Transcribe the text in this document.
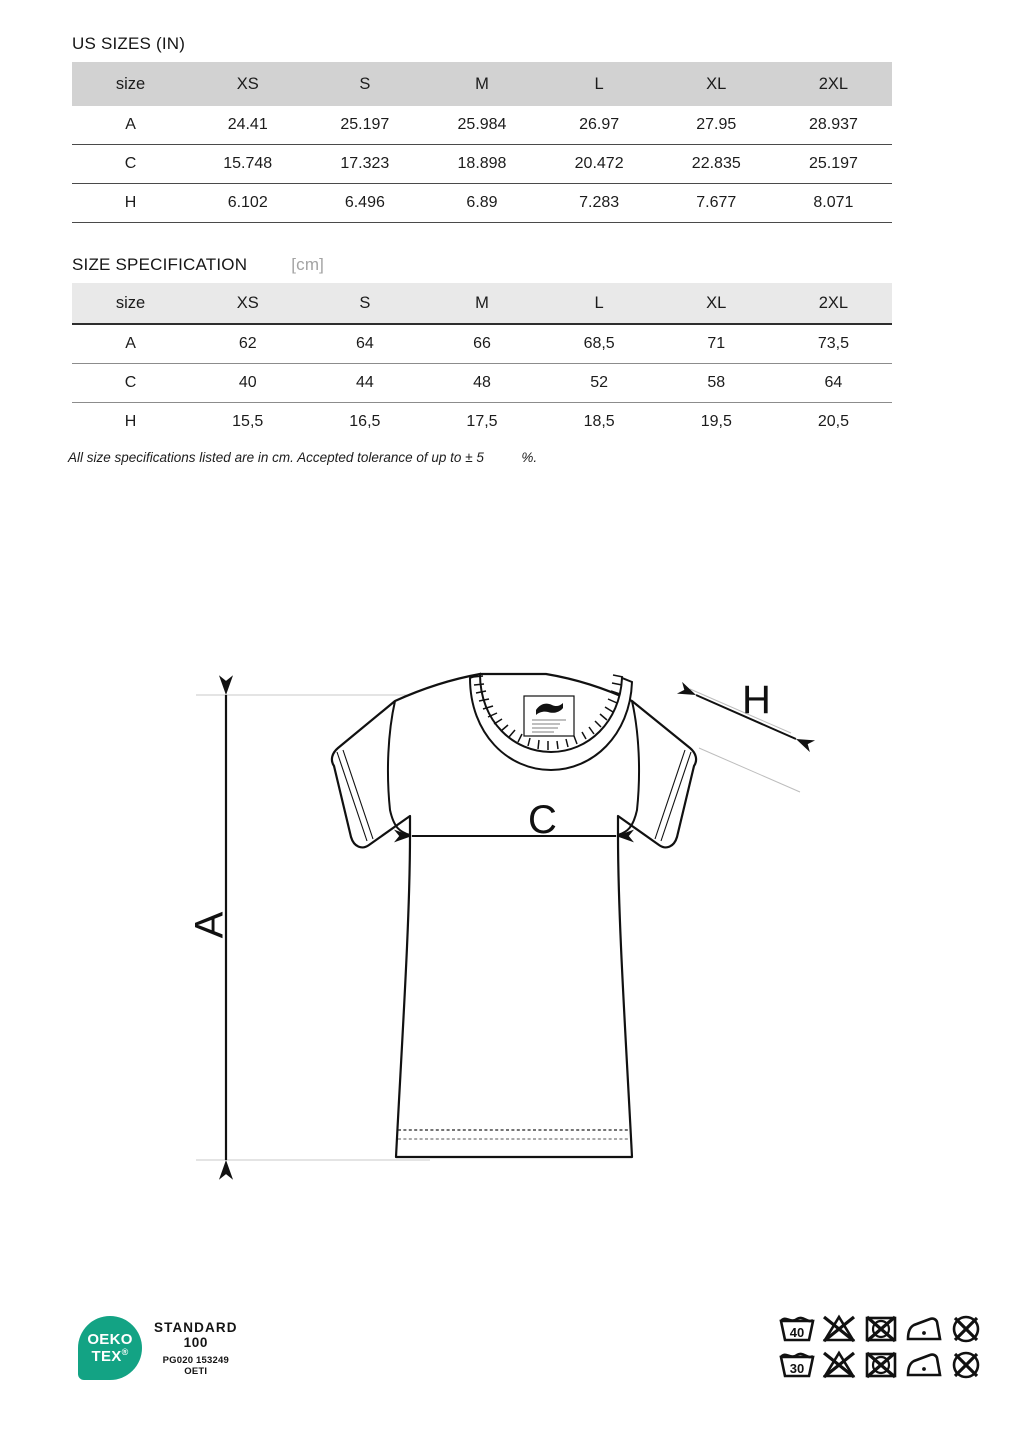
US SIZES (IN)
size	XS	S	M	L	XL	2XL
A	24.41	25.197	25.984	26.97	27.95	28.937
C	15.748	17.323	18.898	20.472	22.835	25.197
H	6.102	6.496	6.89	7.283	7.677	8.071
SIZE SPECIFICATION	[cm]
size	XS	S	M	L	XL	2XL
A	62	64	66	68,5	71	73,5
C	40	44	48	52	58	64
H	15,5	16,5	17,5	18,5	19,5	20,5
All size specifications listed are in cm. Accepted tolerance of up to ± 5          %.
A
C
H
OEKO
TEX®
STANDARD
100
PG020 153249
OETI
40
30
